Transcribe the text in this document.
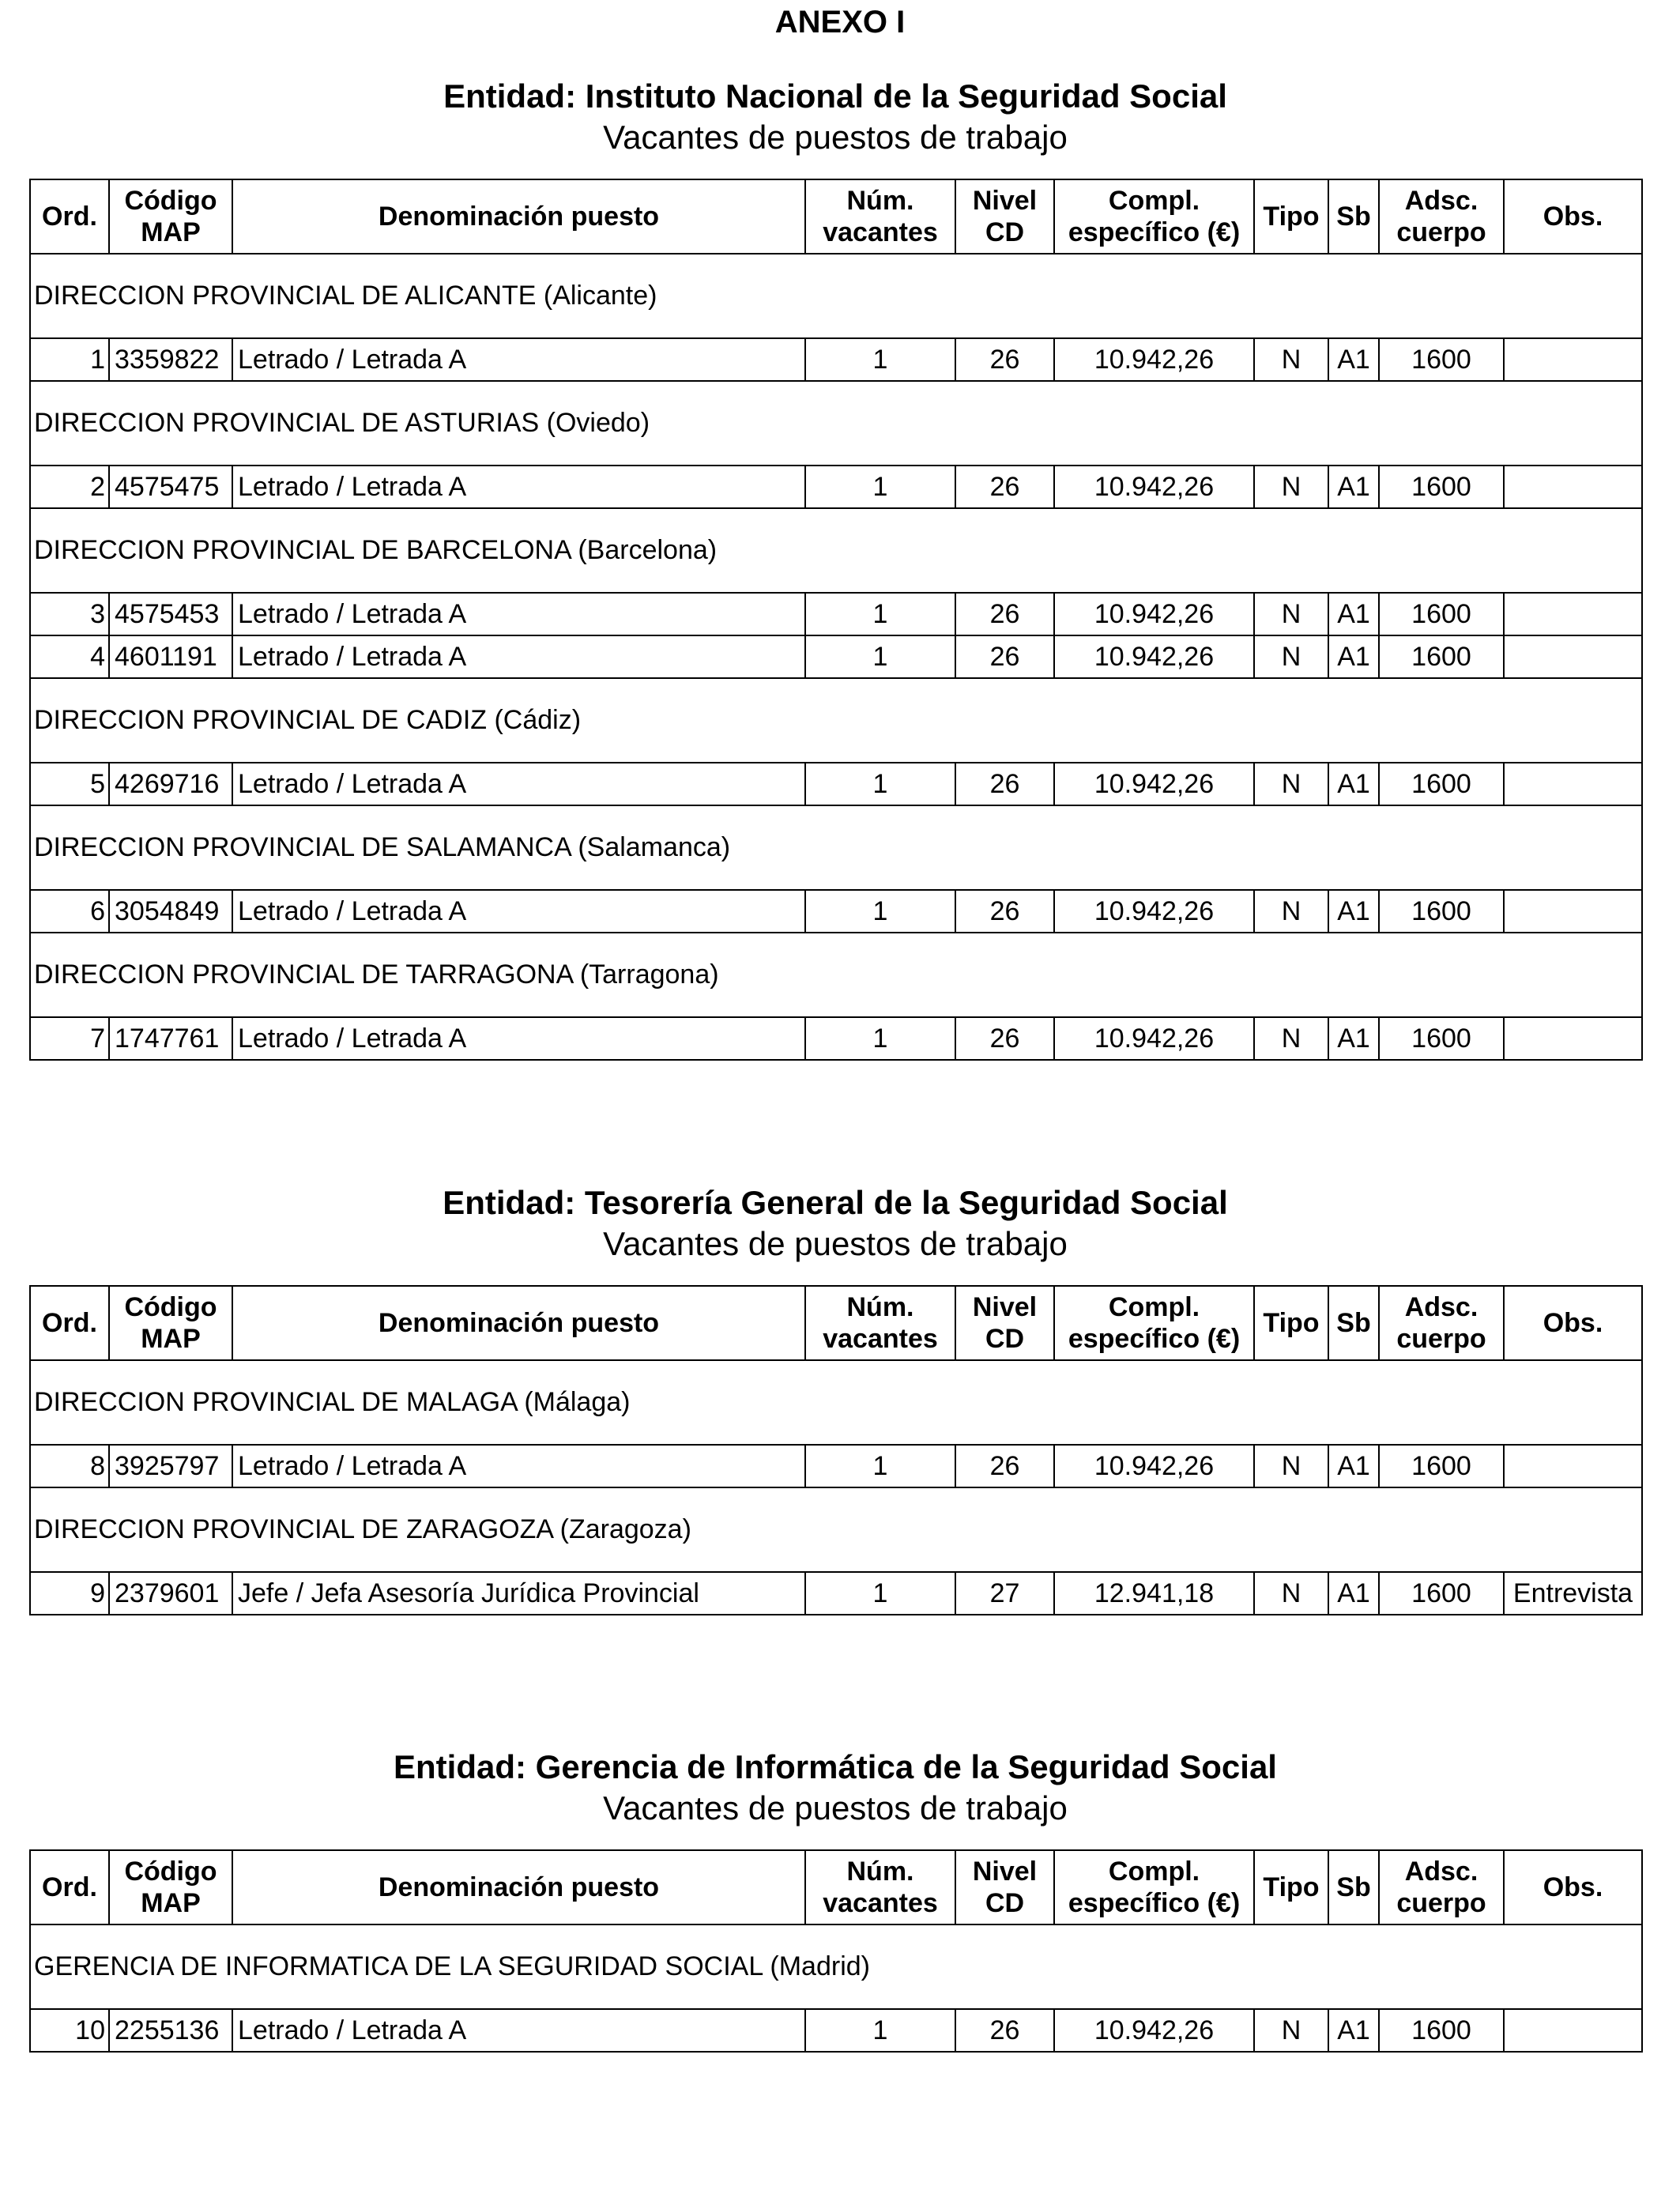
ANEXO I
Entidad: Instituto Nacional de la Seguridad Social

Vacantes de puestos de trabajo

Ord.	Código MAP	Denominación puesto	Núm. vacantes	Nivel CD	Compl. específico (€)	Tipo	Sb	Adsc. cuerpo	Obs.
DIRECCION PROVINCIAL DE ALICANTE (Alicante)									
1	3359822	Letrado / Letrada A	1	26	10.942,26	N	A1	1600	
DIRECCION PROVINCIAL DE ASTURIAS (Oviedo)									
2	4575475	Letrado / Letrada A	1	26	10.942,26	N	A1	1600	
DIRECCION PROVINCIAL DE BARCELONA (Barcelona)									
3	4575453	Letrado / Letrada A	1	26	10.942,26	N	A1	1600	
4	4601191	Letrado / Letrada A	1	26	10.942,26	N	A1	1600	
DIRECCION PROVINCIAL DE CADIZ (Cádiz)									
5	4269716	Letrado / Letrada A	1	26	10.942,26	N	A1	1600	
DIRECCION PROVINCIAL DE SALAMANCA (Salamanca)									
6	3054849	Letrado / Letrada A	1	26	10.942,26	N	A1	1600	
DIRECCION PROVINCIAL DE TARRAGONA (Tarragona)									
7	1747761	Letrado / Letrada A	1	26	10.942,26	N	A1	1600	
Entidad: Tesorería General de la Seguridad Social

Vacantes de puestos de trabajo

Ord.	Código MAP	Denominación puesto	Núm. vacantes	Nivel CD	Compl. específico (€)	Tipo	Sb	Adsc. cuerpo	Obs.
DIRECCION PROVINCIAL DE MALAGA (Málaga)									
8	3925797	Letrado / Letrada A	1	26	10.942,26	N	A1	1600	
DIRECCION PROVINCIAL DE ZARAGOZA (Zaragoza)									
9	2379601	Jefe / Jefa Asesoría Jurídica Provincial	1	27	12.941,18	N	A1	1600	Entrevista
Entidad: Gerencia de Informática de la Seguridad Social

Vacantes de puestos de trabajo

Ord.	Código MAP	Denominación puesto	Núm. vacantes	Nivel CD	Compl. específico (€)	Tipo	Sb	Adsc. cuerpo	Obs.
GERENCIA DE INFORMATICA DE LA SEGURIDAD SOCIAL (Madrid)									
10	2255136	Letrado / Letrada A	1	26	10.942,26	N	A1	1600	
